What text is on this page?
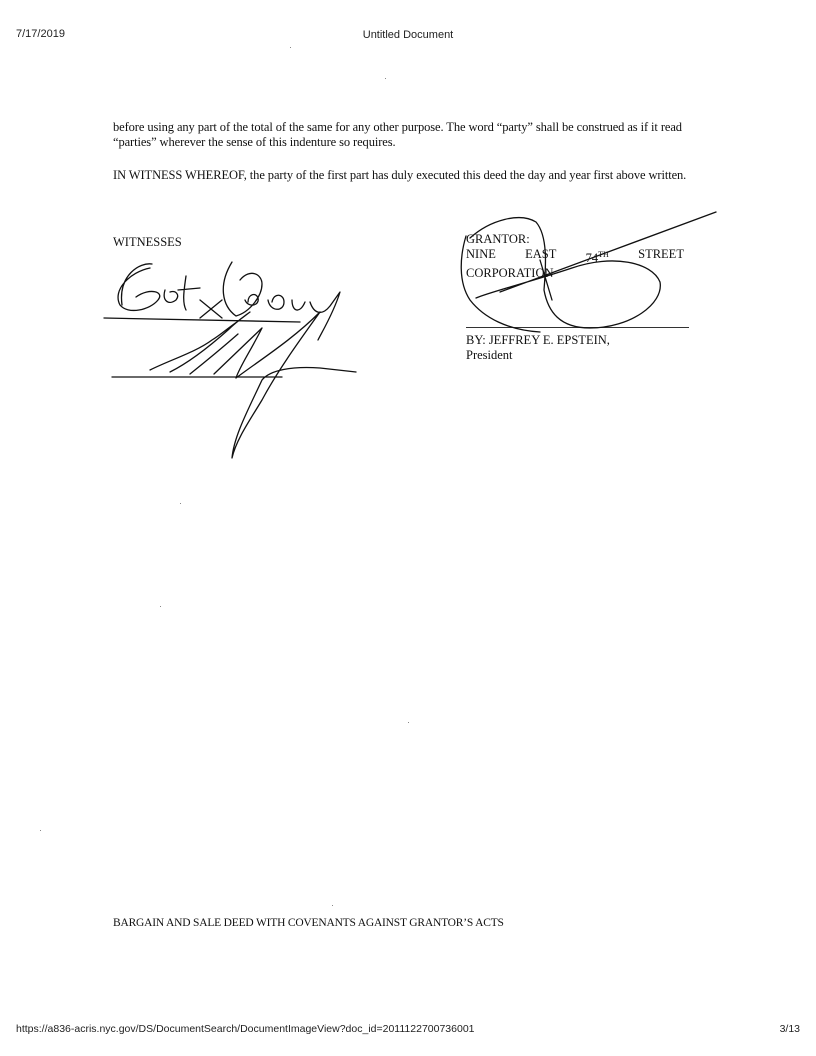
7/17/2019	Untitled Document
before using any part of the total of the same for any other purpose. The word “party” shall be construed as if it read “parties” wherever the sense of this indenture so requires.
IN WITNESS WHEREOF, the party of the first part has duly executed this deed the day and year first above written.
WITNESSES	GRANTOR:
NINE EAST 74TH STREET
CORPORATION
BY: JEFFREY E. EPSTEIN,
President
BARGAIN AND SALE DEED WITH COVENANTS AGAINST GRANTOR’S ACTS
https://a836-acris.nyc.gov/DS/DocumentSearch/DocumentImageView?doc_id=2011122700736001	3/13
